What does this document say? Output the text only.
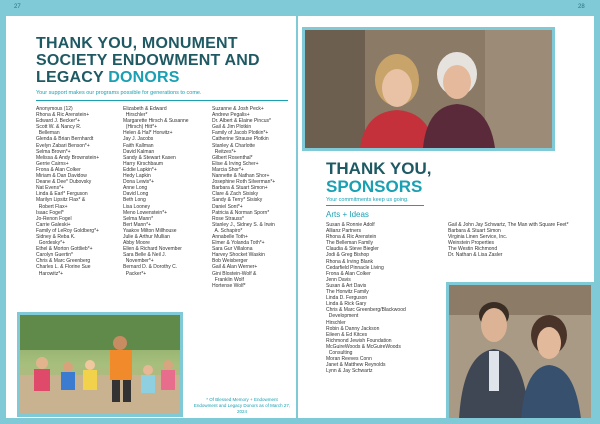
27	28
THANK YOU, MONUMENT SOCIETY ENDOWMENT AND LEGACY DONORS
Your support makes our programs possible for generations to come.
Anonymous (12)
Rhona & Ric Arenstein+
Edward J. Becker*+
Scott W. & Nancy R.
Belleman
Glenda & Brian Bernhardt
Evelyn Zabari Benson*+
Selma Brown*+
Melissa & Andy Brownstein+
Gerrie Cairns+
Frona & Alan Colker
Miriam & Dan Davidow
Deane & Dee* Dubovsky
Nat Evens*+
Linda & Earl* Ferguson
Marilyn Lipsitz Flax* &
Robert Flax+
Isaac Fogel*
Jo-Renon Fogel
Carrie Galeski+
Family of LeRoy Goldberg*+
Sidney & Reba K.
Gordesky*+
Ethel & Morton Gottlieb*+
Carolyn Guertin*
Chris & Marc Greenberg
Charles L. & Florine Sue
Harowitz*+
Elizabeth & Edward
Hirschler*
Margarette Hirsch & Susanne
(Hirsch) Hitt*+
Helen & Hal* Horwitz+
Jay J. Jacobs
Faith Kallman
David Kalman
Sandy & Stewart Kasen
Harry Kirschbaum
Eddie Lapkin*+
Hedy Lapkin
Dona Lewis*+
Anne Long
David Long
Beth Long
Lisa Looney
Meno Lowenstein*+
Selma Mann*
Bert Mann*+
Yaakov Milton Millhouse
Julie & Arthur Mullian
Abby Moore
Ellen & Richard November
Sara Belle & Neil J.
November*+
Bernard D. & Dorothy C.
Packer*+
Suzanne & Josh Peck+
Andrew Pegalis+
Dr. Albert & Elaine Pincus*
Gail & Jim Plotkin
Family of Jacob Plotkin*+
Catherine Strause Plotkin
Stanley & Charlotte
Reitzes*+
Gilbert Rosenthal*
Elise & Irving Scher+
Marcia Shor*+
Nannette & Nathan Shor+
Josephine Roth Silverman*+
Barbara & Stuart Simon+
Clare & Zach Sisisky
Sandy & Terry* Sisisky
Daniel Sont*+
Patricia & Norman Sporn*
Rose Strauss*
Stanley J., Sidney S. & Irwin
A. Schapiro*
Annabelle Toth+
Elmer & Yolanda Toth*+
Sara Gur Villalona
Harvey Shocket Waskin
Bob Weisberger
Gail & Alan Werner+
Gini Blostein-Wolf &
Franklin Wolf
Hortense Wolf*
* Of Blessed Memory + Endowment
Endowment and Legacy Donors as of March 27, 2024
THANK YOU,
SPONSORS
Your commitments keep us going.
Arts + Ideas
Susan & Ronnie Adolf
Allianz Partners
Rhona & Ric Arenstein
The Belleman Family
Claudia & Steve Biegler
Jodi & Greg Bishop
Rhona & Irving Blank
Cedarfield Pinnacle Living
Frona & Alan Colker
Jenn Davis
Susan & Art Davis
The Horwitz Family
Linda D. Ferguson
Linda & Rick Gary
Chris & Marc Greenberg/Blackwood
Development
Hirschler
Robin & Danny Jackson
Eileen & Ed Kitces
Richmond Jewish Foundation
McGuireWoods & McGuireWoods
Consulting
Moran Reeves Conn
Janet & Matthew Reynolds
Lynn & Jay Schwartz
Gail & John Jay Schwartz, The Man with Square Feet*
Barbara & Stuart Simon
Virginia Linen Service, Inc.
Weinstein Properties
The Westin Richmond
Dr. Nathan & Lisa Zasler
